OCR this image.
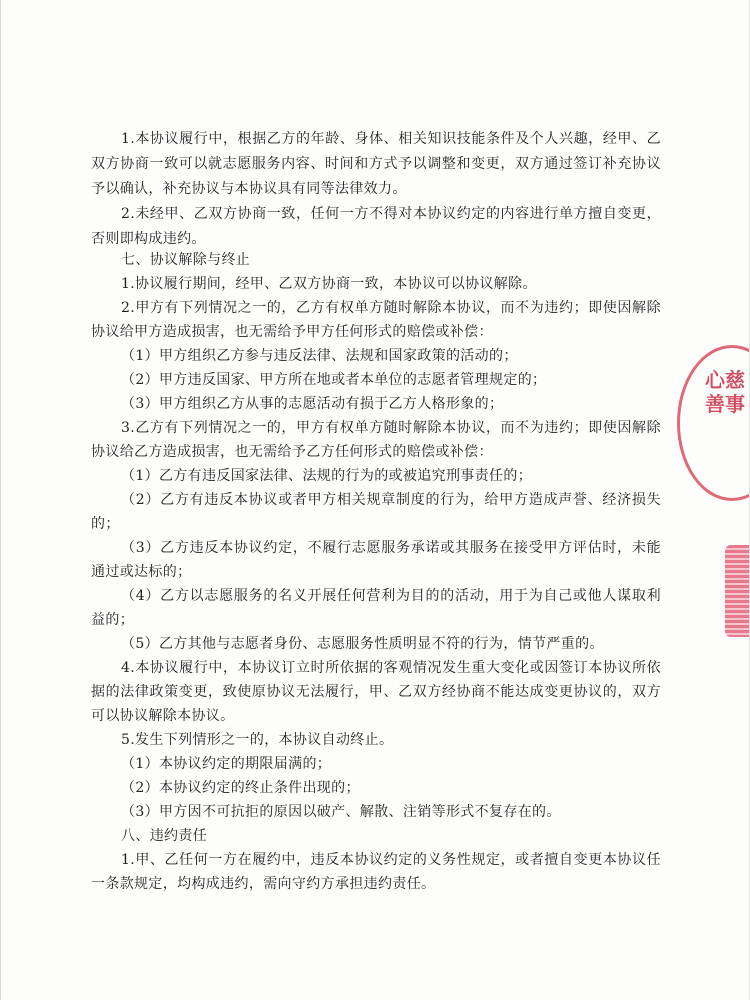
1.本协议履行中，根据乙方的年龄、身体、相关知识技能条件及个人兴趣，经甲、乙
双方协商一致可以就志愿服务内容、时间和方式予以调整和变更，双方通过签订补充协议
予以确认，补充协议与本协议具有同等法律效力。
2.未经甲、乙双方协商一致，任何一方不得对本协议约定的内容进行单方擅自变更，
否则即构成违约。
七、协议解除与终止
1.协议履行期间，经甲、乙双方协商一致，本协议可以协议解除。
2.甲方有下列情况之一的，乙方有权单方随时解除本协议，而不为违约；即使因解除
协议给甲方造成损害，也无需给予甲方任何形式的赔偿或补偿：
（1）甲方组织乙方参与违反法律、法规和国家政策的活动的；
（2）甲方违反国家、甲方所在地或者本单位的志愿者管理规定的；
（3）甲方组织乙方从事的志愿活动有损于乙方人格形象的；
3.乙方有下列情况之一的，甲方有权单方随时解除本协议，而不为违约；即使因解除
协议给乙方造成损害，也无需给予乙方任何形式的赔偿或补偿：
（1）乙方有违反国家法律、法规的行为的或被追究刑事责任的；
（2）乙方有违反本协议或者甲方相关规章制度的行为，给甲方造成声誉、经济损失
的；
（3）乙方违反本协议约定，不履行志愿服务承诺或其服务在接受甲方评估时，未能
通过或达标的；
（4）乙方以志愿服务的名义开展任何营利为目的的活动，用于为自己或他人谋取利
益的；
（5）乙方其他与志愿者身份、志愿服务性质明显不符的行为，情节严重的。
4.本协议履行中，本协议订立时所依据的客观情况发生重大变化或因签订本协议所依
据的法律政策变更，致使原协议无法履行，甲、乙双方经协商不能达成变更协议的，双方
可以协议解除本协议。
5.发生下列情形之一的，本协议自动终止。
（1）本协议约定的期限届满的；
（2）本协议约定的终止条件出现的；
（3）甲方因不可抗拒的原因以破产、解散、注销等形式不复存在的。
八、违约责任
1.甲、乙任何一方在履约中，违反本协议约定的义务性规定，或者擅自变更本协议任
一条款规定，均构成违约，需向守约方承担违约责任。
心慈善事
